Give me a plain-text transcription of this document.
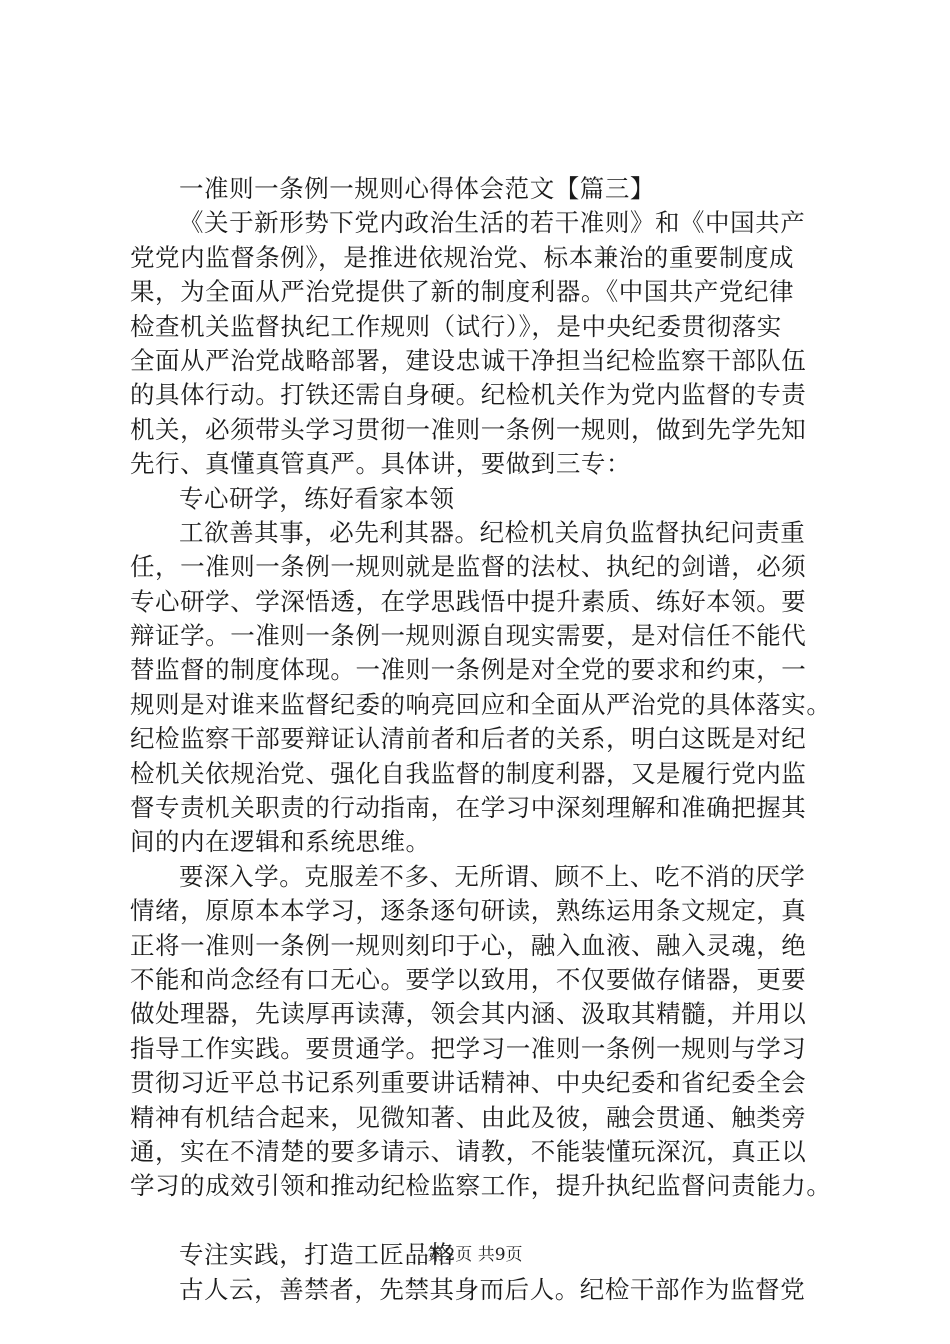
一准则一条例一规则心得体会范文【篇三】
《关于新形势下党内政治生活的若干准则》和《中国共产
党党内监督条例》，是推进依规治党、标本兼治的重要制度成
果，为全面从严治党提供了新的制度利器。《中国共产党纪律
检查机关监督执纪工作规则（试行）》，是中央纪委贯彻落实
全面从严治党战略部署，建设忠诚干净担当纪检监察干部队伍
的具体行动。打铁还需自身硬。纪检机关作为党内监督的专责
机关，必须带头学习贯彻一准则一条例一规则，做到先学先知
先行、真懂真管真严。具体讲，要做到三专：
专心研学，练好看家本领
工欲善其事，必先利其器。纪检机关肩负监督执纪问责重
任，一准则一条例一规则就是监督的法杖、执纪的剑谱，必须
专心研学、学深悟透，在学思践悟中提升素质、练好本领。要
辩证学。一准则一条例一规则源自现实需要，是对信任不能代
替监督的制度体现。一准则一条例是对全党的要求和约束，一
规则是对谁来监督纪委的响亮回应和全面从严治党的具体落实。
纪检监察干部要辩证认清前者和后者的关系，明白这既是对纪
检机关依规治党、强化自我监督的制度利器，又是履行党内监
督专责机关职责的行动指南，在学习中深刻理解和准确把握其
间的内在逻辑和系统思维。
要深入学。克服差不多、无所谓、顾不上、吃不消的厌学
情绪，原原本本学习，逐条逐句研读，熟练运用条文规定，真
正将一准则一条例一规则刻印于心，融入血液、融入灵魂，绝
不能和尚念经有口无心。要学以致用，不仅要做存储器，更要
做处理器，先读厚再读薄，领会其内涵、汲取其精髓，并用以
指导工作实践。要贯通学。把学习一准则一条例一规则与学习
贯彻习近平总书记系列重要讲话精神、中央纪委和省纪委全会
精神有机结合起来，见微知著、由此及彼，融会贯通、触类旁
通，实在不清楚的要多请示、请教，不能装懂玩深沉，真正以
学习的成效引领和推动纪检监察工作，提升执纪监督问责能力。
专注实践，打造工匠品格
古人云，善禁者，先禁其身而后人。纪检干部作为监督党
第2页 共9页
